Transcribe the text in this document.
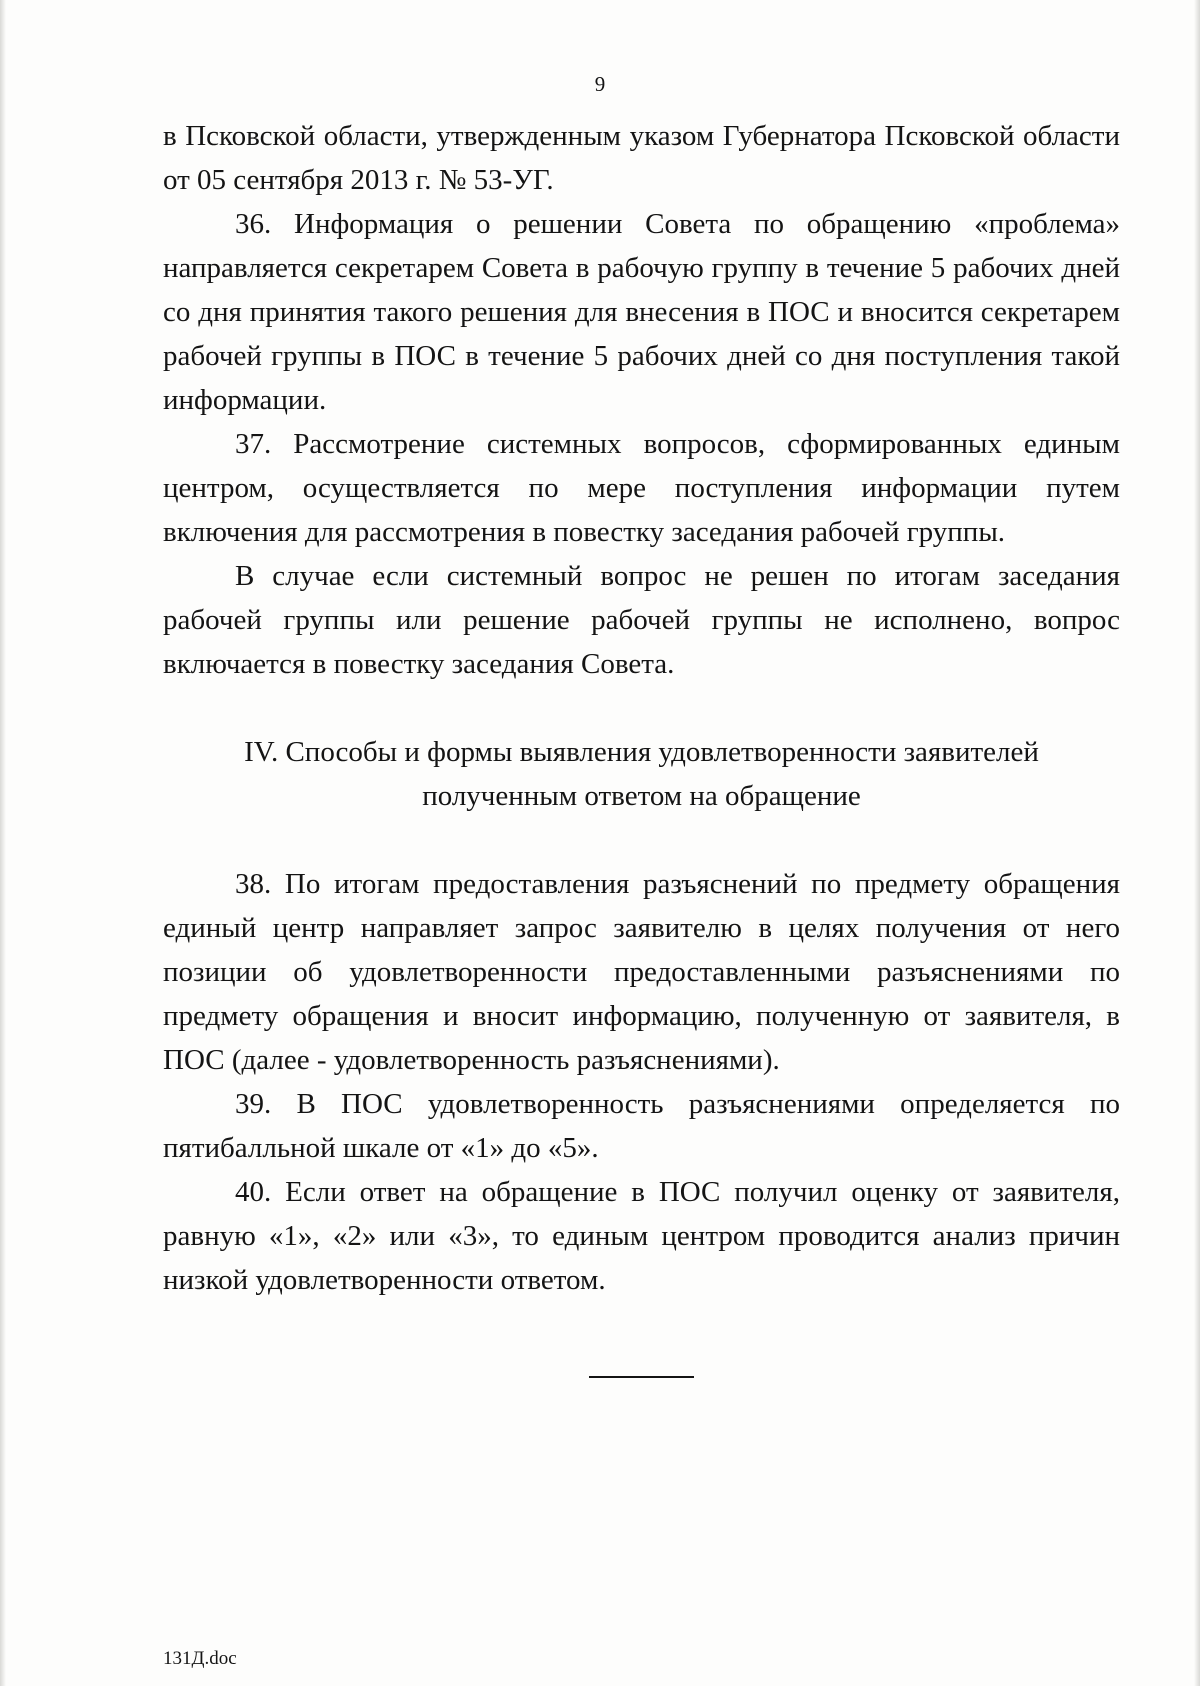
9

в Псковской области, утвержденным указом Губернатора Псковской области от 05 сентября 2013 г. № 53-УГ.

36. Информация о решении Совета по обращению «проблема» направляется секретарем Совета в рабочую группу в течение 5 рабочих дней со дня принятия такого решения для внесения в ПОС и вносится секретарем рабочей группы в ПОС в течение 5 рабочих дней со дня поступления такой информации.

37. Рассмотрение системных вопросов, сформированных единым центром, осуществляется по мере поступления информации путем включения для рассмотрения в повестку заседания рабочей группы.

В случае если системный вопрос не решен по итогам заседания рабочей группы или решение рабочей группы не исполнено, вопрос включается в повестку заседания Совета.

IV. Способы и формы выявления удовлетворенности заявителей
полученным ответом на обращение

38. По итогам предоставления разъяснений по предмету обращения единый центр направляет запрос заявителю в целях получения от него позиции об удовлетворенности предоставленными разъяснениями по предмету обращения и вносит информацию, полученную от заявителя, в ПОС (далее - удовлетворенность разъяснениями).

39. В ПОС удовлетворенность разъяснениями определяется по пятибалльной шкале от «1» до «5».

40. Если ответ на обращение в ПОС получил оценку от заявителя, равную «1», «2» или «3», то единым центром проводится анализ причин низкой удовлетворенности ответом.

131Д.doc
